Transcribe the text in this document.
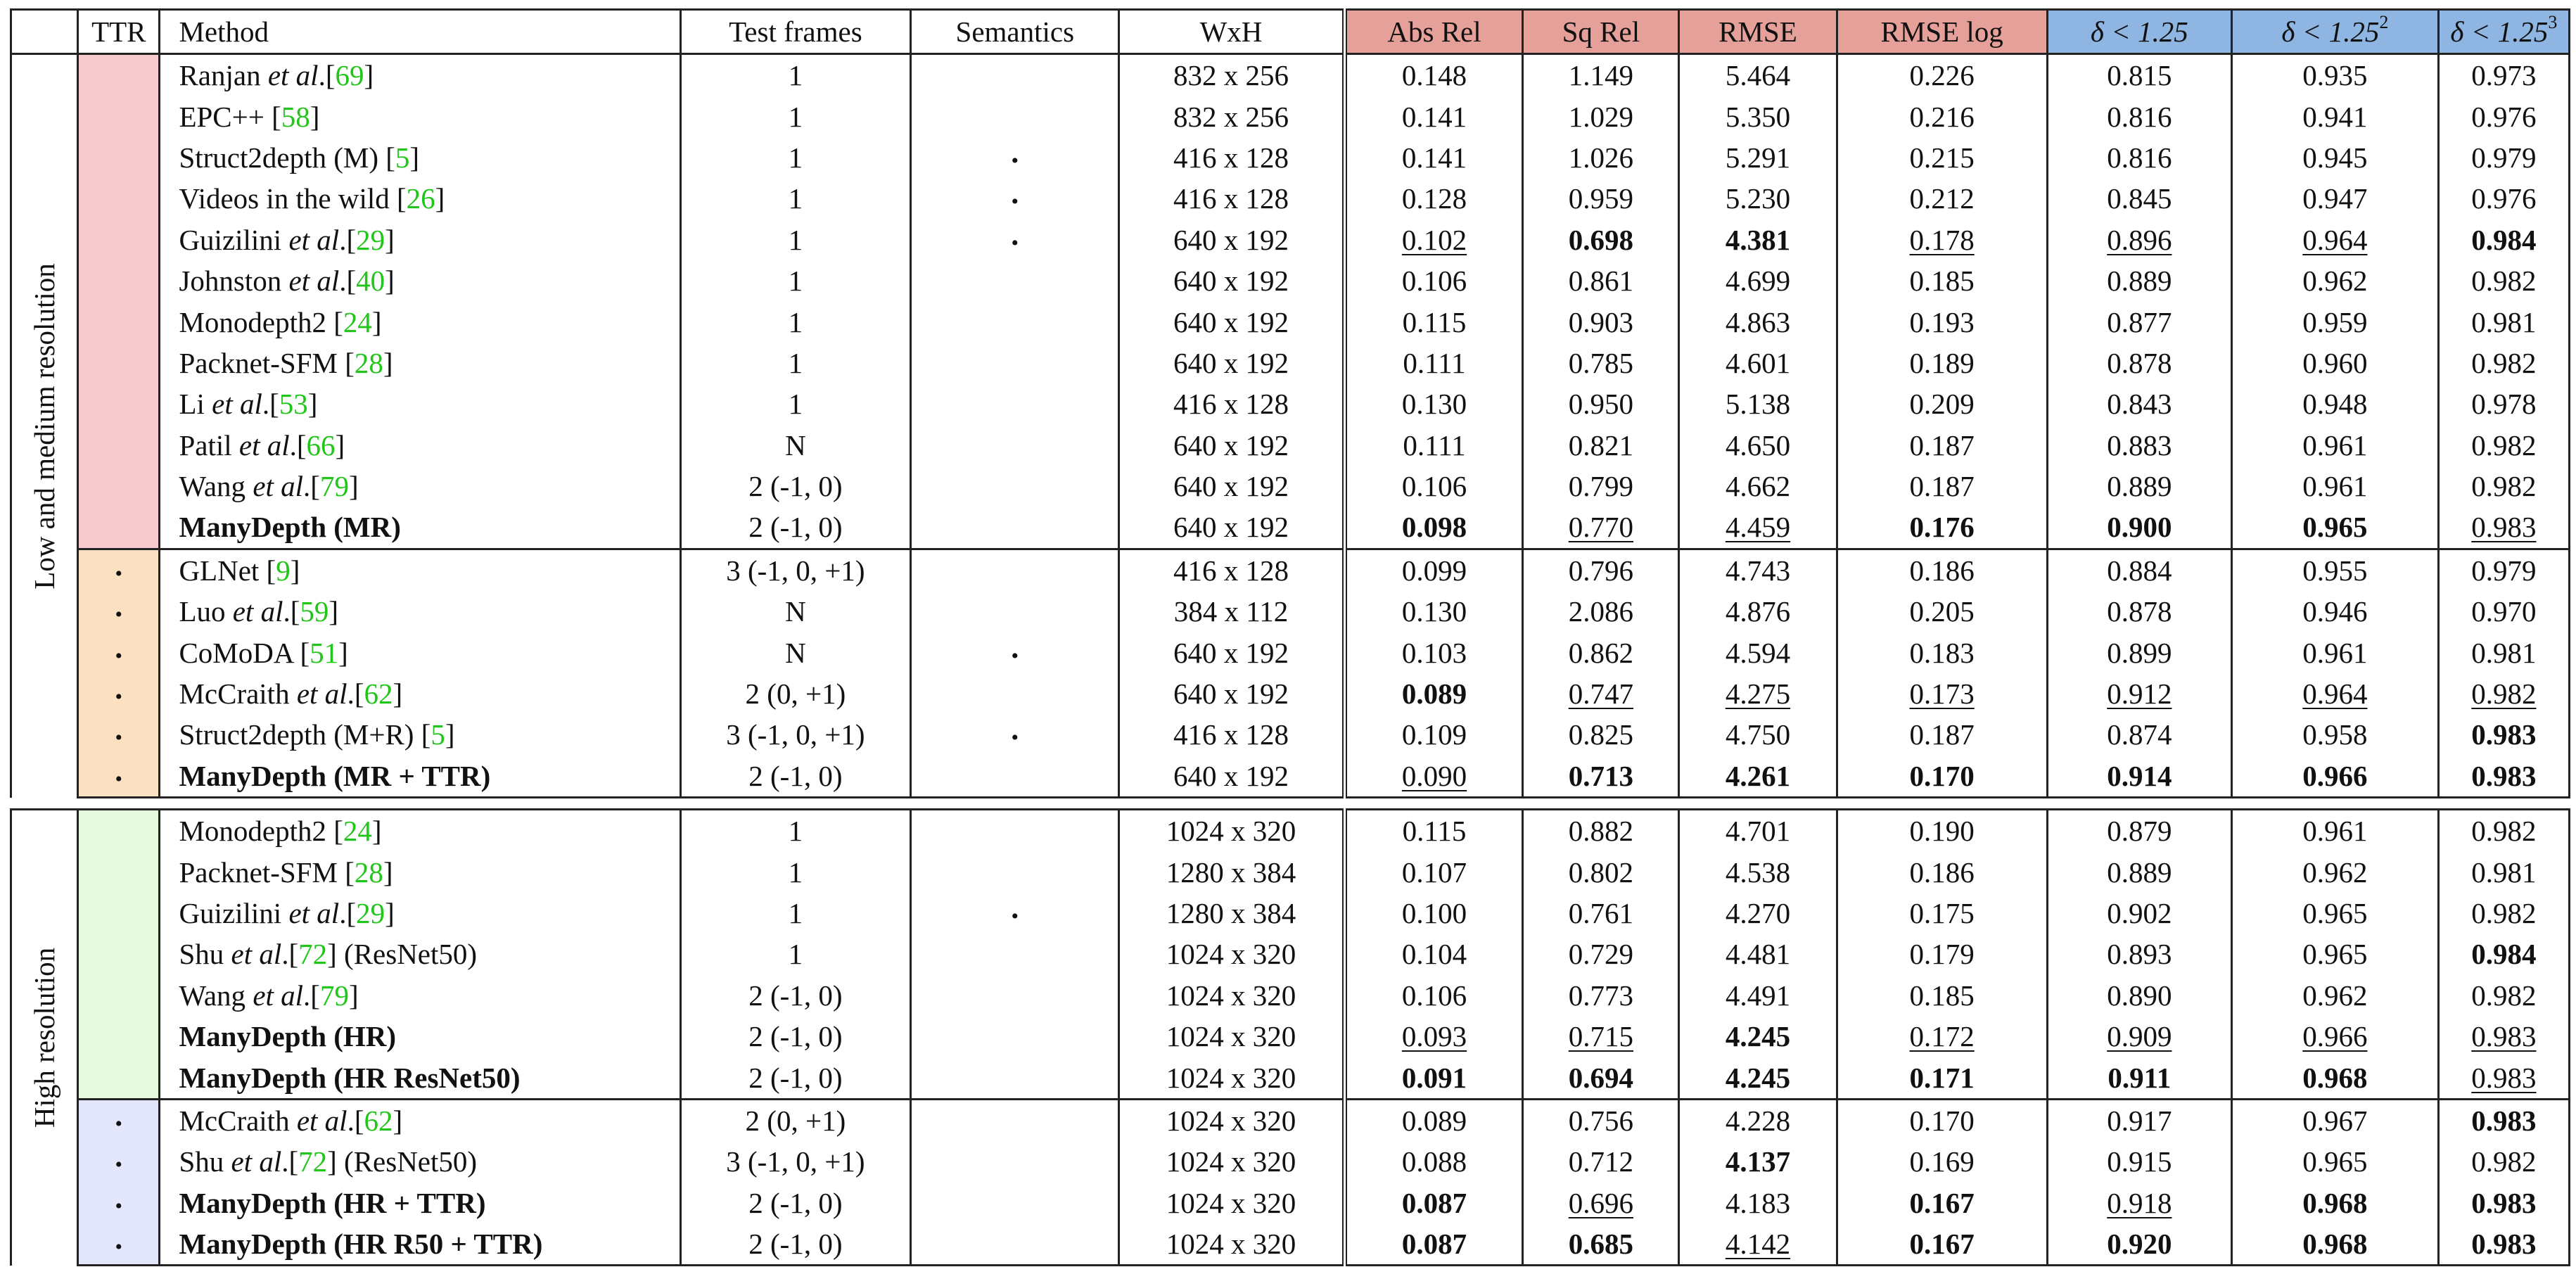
	TTR	Method	Test frames	Semantics	WxH	Abs Rel	Sq Rel	RMSE	RMSE log	δ < 1.25	$\delta < 1.25^2$	$\delta < 1.25^3$

Low and medium resolution		Ranjan et al.[69]	1		832 x 256	0.148	1.149	5.464	0.226	0.815	0.935	0.973
		EPC++ [58]	1		832 x 256	0.141	1.029	5.350	0.216	0.816	0.941	0.976
		Struct2depth (M) [5]	1	•	416 x 128	0.141	1.026	5.291	0.215	0.816	0.945	0.979
		Videos in the wild [26]	1	•	416 x 128	0.128	0.959	5.230	0.212	0.845	0.947	0.976
		Guizilini et al.[29]	1	•	640 x 192	0.102	0.698	4.381	0.178	0.896	0.964	0.984
		Johnston et al.[40]	1		640 x 192	0.106	0.861	4.699	0.185	0.889	0.962	0.982
		Monodepth2 [24]	1		640 x 192	0.115	0.903	4.863	0.193	0.877	0.959	0.981
		Packnet-SFM [28]	1		640 x 192	0.111	0.785	4.601	0.189	0.878	0.960	0.982
		Li et al.[53]	1		416 x 128	0.130	0.950	5.138	0.209	0.843	0.948	0.978
		Patil et al.[66]	N		640 x 192	0.111	0.821	4.650	0.187	0.883	0.961	0.982
		Wang et al.[79]	2 (-1, 0)		640 x 192	0.106	0.799	4.662	0.187	0.889	0.961	0.982
		ManyDepth (MR)	2 (-1, 0)		640 x 192	0.098	0.770	4.459	0.176	0.900	0.965	0.983
	•	GLNet [9]	3 (-1, 0, +1)		416 x 128	0.099	0.796	4.743	0.186	0.884	0.955	0.979
	•	Luo et al.[59]	N		384 x 112	0.130	2.086	4.876	0.205	0.878	0.946	0.970
	•	CoMoDA [51]	N	•	640 x 192	0.103	0.862	4.594	0.183	0.899	0.961	0.981
	•	McCraith et al.[62]	2 (0, +1)		640 x 192	0.089	0.747	4.275	0.173	0.912	0.964	0.982
	•	Struct2depth (M+R) [5]	3 (-1, 0, +1)	•	416 x 128	0.109	0.825	4.750	0.187	0.874	0.958	0.983
	•	ManyDepth (MR + TTR)	2 (-1, 0)		640 x 192	0.090	0.713	4.261	0.170	0.914	0.966	0.983

High resolution		Monodepth2 [24]	1		1024 x 320	0.115	0.882	4.701	0.190	0.879	0.961	0.982
		Packnet-SFM [28]	1		1280 x 384	0.107	0.802	4.538	0.186	0.889	0.962	0.981
		Guizilini et al.[29]	1	•	1280 x 384	0.100	0.761	4.270	0.175	0.902	0.965	0.982
		Shu et al.[72] (ResNet50)	1		1024 x 320	0.104	0.729	4.481	0.179	0.893	0.965	0.984
		Wang et al.[79]	2 (-1, 0)		1024 x 320	0.106	0.773	4.491	0.185	0.890	0.962	0.982
		ManyDepth (HR)	2 (-1, 0)		1024 x 320	0.093	0.715	4.245	0.172	0.909	0.966	0.983
		ManyDepth (HR ResNet50)	2 (-1, 0)		1024 x 320	0.091	0.694	4.245	0.171	0.911	0.968	0.983
	•	McCraith et al.[62]	2 (0, +1)		1024 x 320	0.089	0.756	4.228	0.170	0.917	0.967	0.983
	•	Shu et al.[72] (ResNet50)	3 (-1, 0, +1)		1024 x 320	0.088	0.712	4.137	0.169	0.915	0.965	0.982
	•	ManyDepth (HR + TTR)	2 (-1, 0)		1024 x 320	0.087	0.696	4.183	0.167	0.918	0.968	0.983
	•	ManyDepth (HR R50 + TTR)	2 (-1, 0)		1024 x 320	0.087	0.685	4.142	0.167	0.920	0.968	0.983
